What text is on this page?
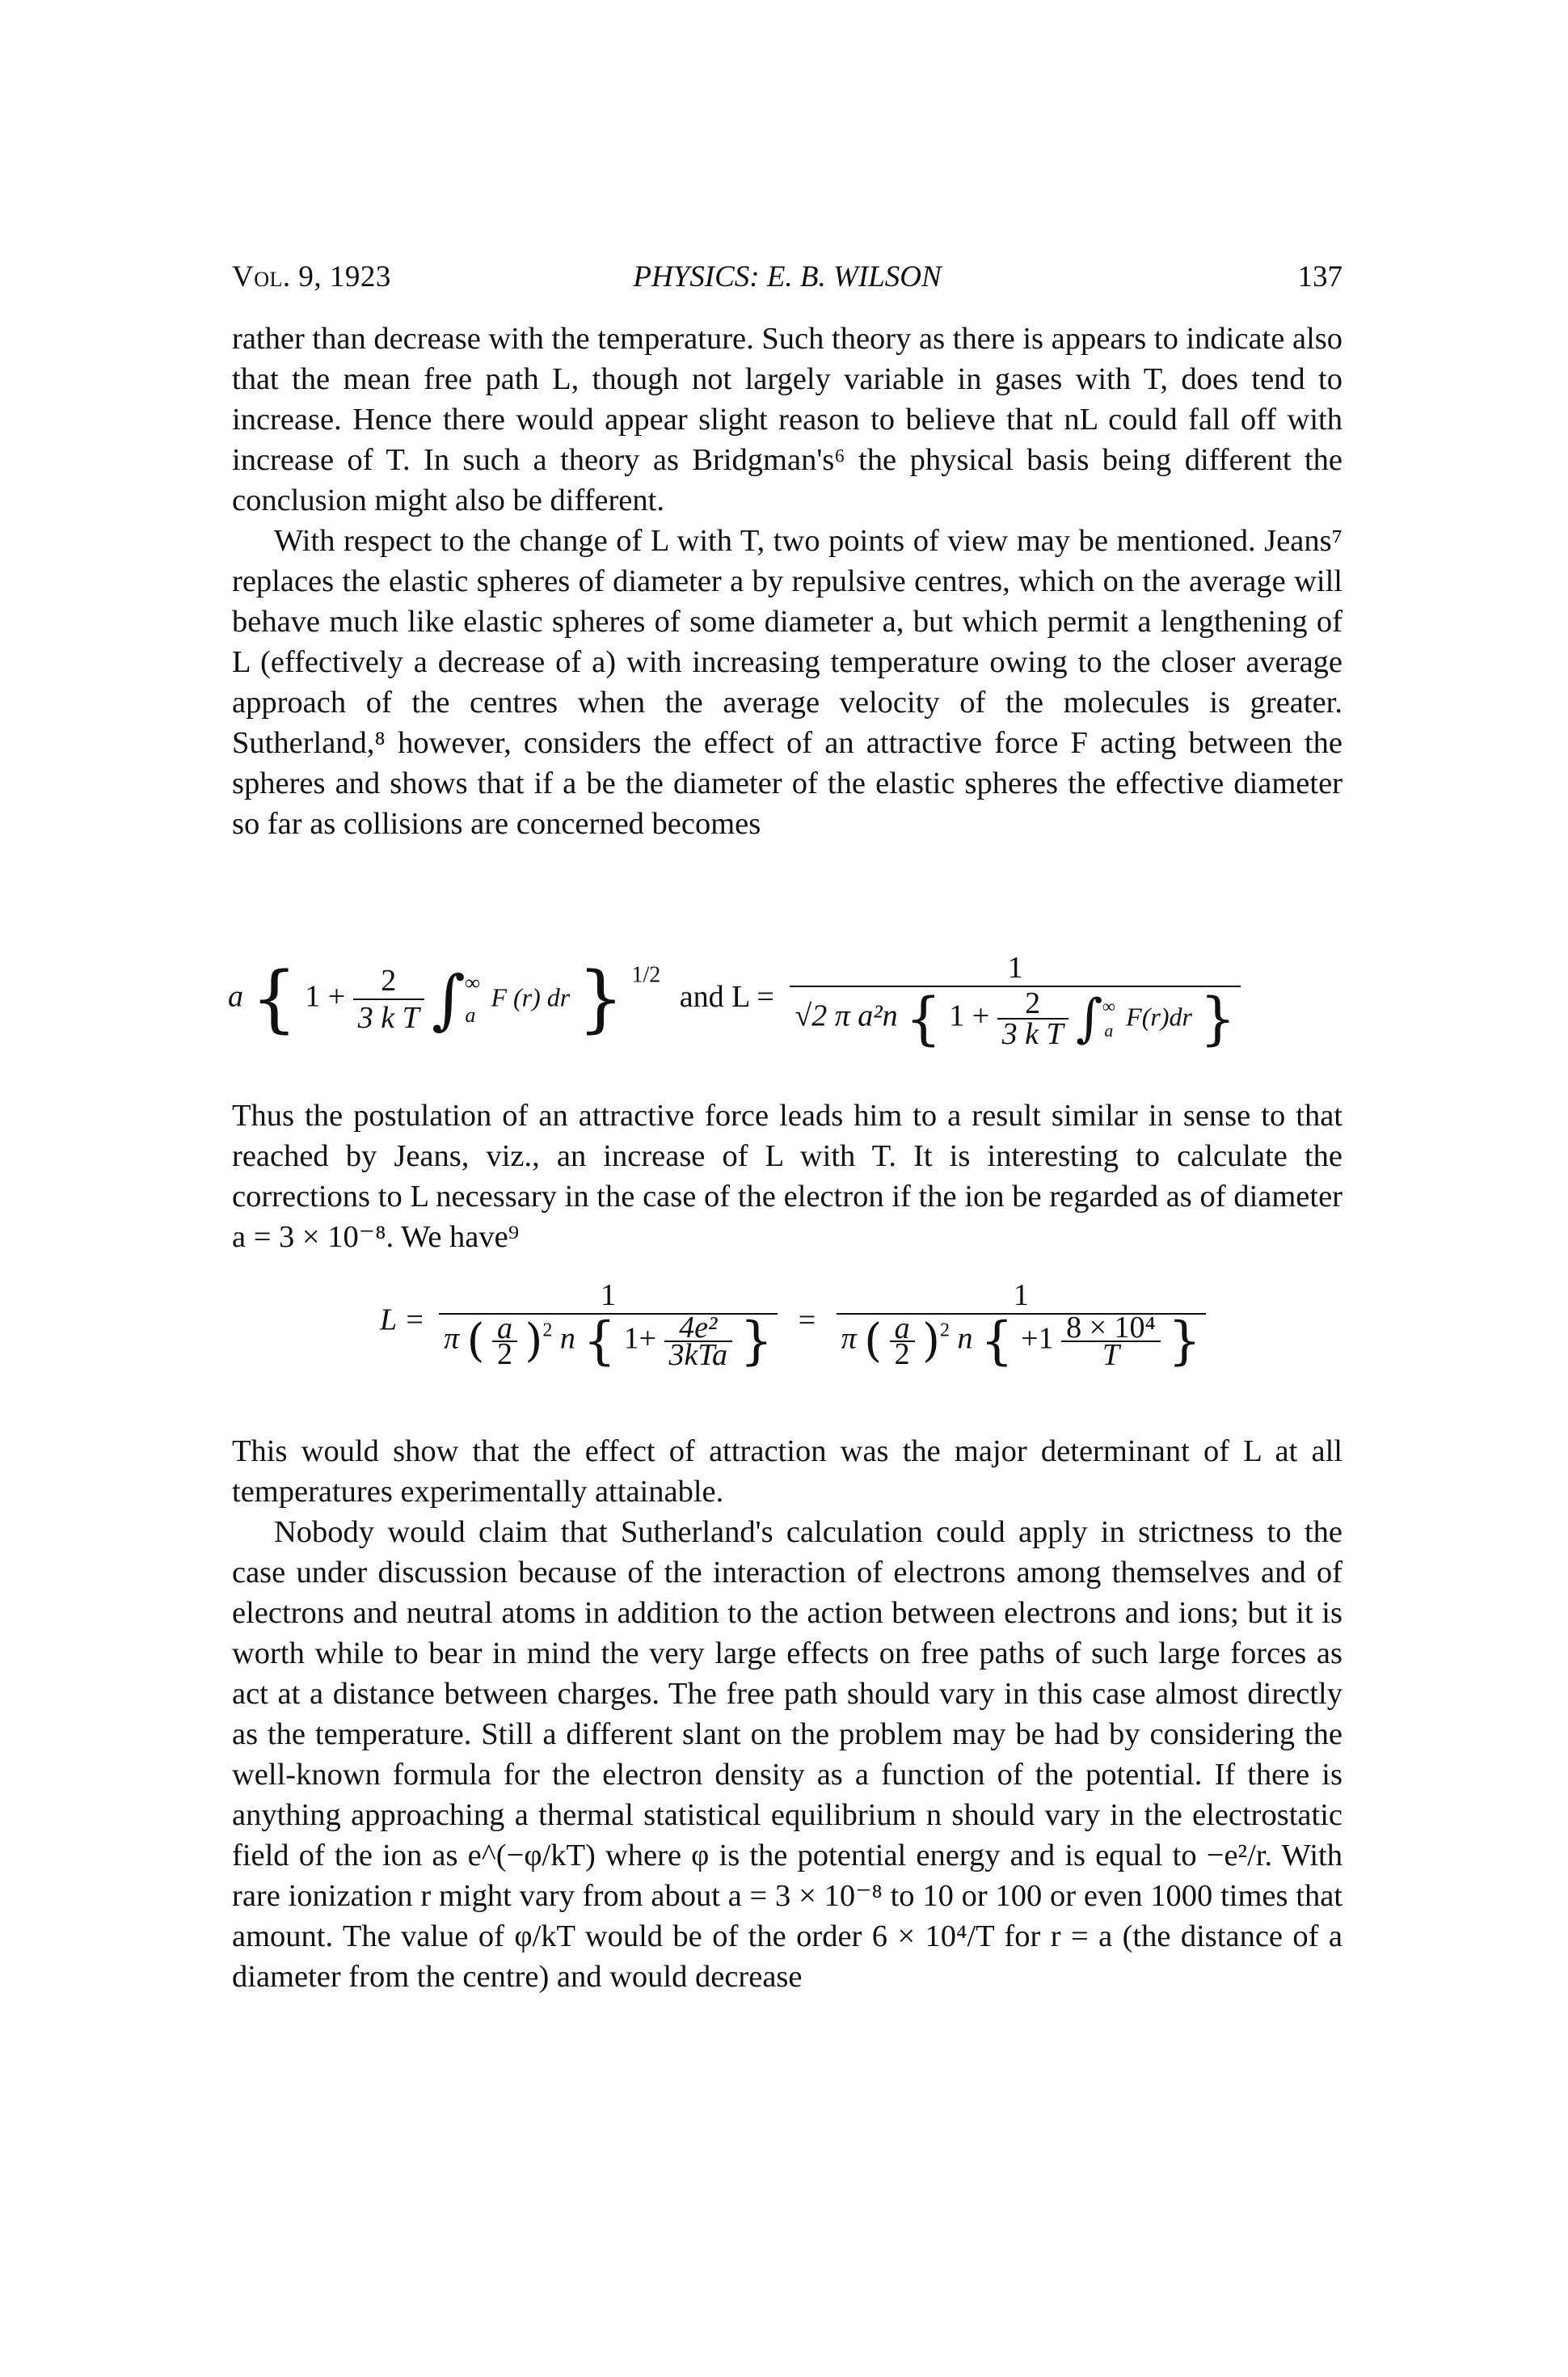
Vol. 9, 1923	PHYSICS: E. B. WILSON	137

rather than decrease with the temperature. Such theory as there is appears to indicate also that the mean free path L, though not largely variable in gases with T, does tend to increase. Hence there would appear slight reason to believe that nL could fall off with increase of T. In such a theory as Bridgman's⁶ the physical basis being different the conclusion might also be different.

With respect to the change of L with T, two points of view may be mentioned. Jeans⁷ replaces the elastic spheres of diameter a by repulsive centres, which on the average will behave much like elastic spheres of some diameter a, but which permit a lengthening of L (effectively a decrease of a) with increasing temperature owing to the closer average approach of the centres when the average velocity of the molecules is greater. Sutherland,⁸ however, considers the effect of an attractive force F acting between the spheres and shows that if a be the diameter of the elastic spheres the effective diameter so far as collisions are concerned becomes

a { $1 + \frac{2}{\text{3 k T}}$ ∫ ∞
a
F (r) dr } $^{1/2}$ and L =
1
√2 π a²n { $1 + \frac{2}{\text{3 k T}}$ ∫ ∞
a F(r)dr }

Thus the postulation of an attractive force leads him to a result similar in sense to that reached by Jeans, viz., an increase of L with T. It is interesting to calculate the corrections to L necessary in the case of the electron if the ion be regarded as of diameter a = 3 × 10⁻⁸. We have⁹

L =
1
π ( $\frac{a}{2} )^2$ n { $1+ \frac{\text{4e²}}{\text{3kTa}}$ } =
1
π ( $\frac{a}{2} )^2$ n { $+1 \frac{\text{8 × 10⁴}}{T}$ }

This would show that the effect of attraction was the major determinant of L at all temperatures experimentally attainable.

Nobody would claim that Sutherland's calculation could apply in strictness to the case under discussion because of the interaction of electrons among themselves and of electrons and neutral atoms in addition to the action between electrons and ions; but it is worth while to bear in mind the very large effects on free paths of such large forces as act at a distance between charges. The free path should vary in this case almost directly as the temperature. Still a different slant on the problem may be had by considering the well-known formula for the electron density as a function of the potential. If there is anything approaching a thermal statistical equilibrium n should vary in the electrostatic field of the ion as e^(−φ/kT) where φ is the potential energy and is equal to −e²/r. With rare ionization r might vary from about a = 3 × 10⁻⁸ to 10 or 100 or even 1000 times that amount. The value of φ/kT would be of the order 6 × 10⁴/T for r = a (the distance of a diameter from the centre) and would decrease
